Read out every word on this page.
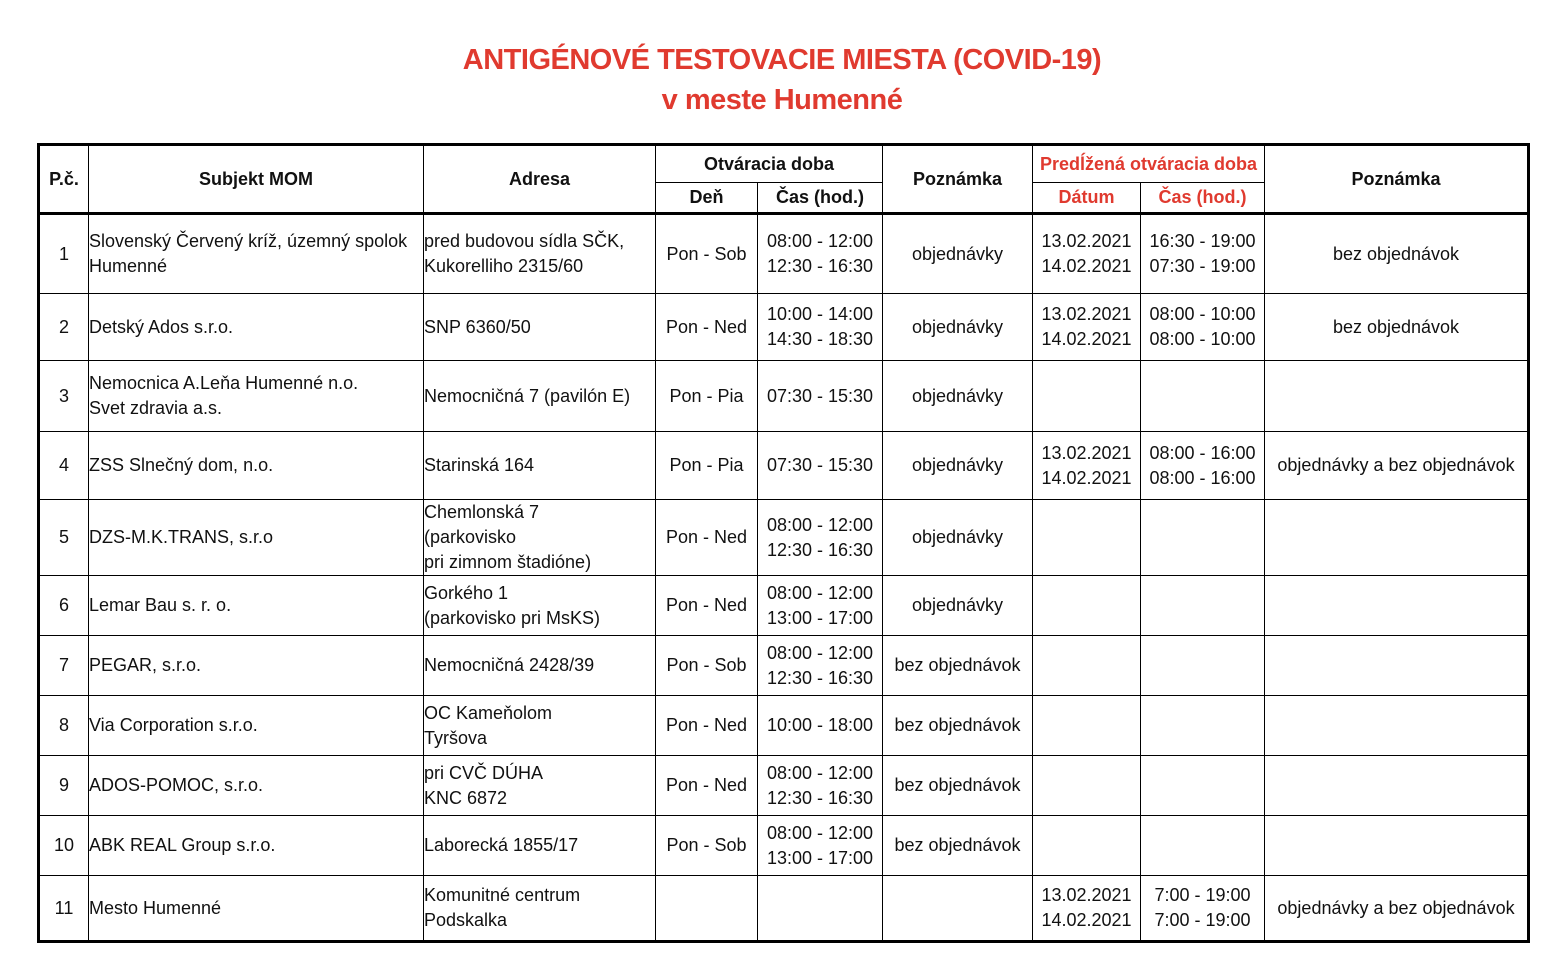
ANTIGÉNOVÉ TESTOVACIE MIESTA (COVID-19)
v meste Humenné
P.č.	Subjekt MOM	Adresa	Otváracia doba		Poznámka	Predĺžená otváracia doba		Poznámka
			Deň	Čas (hod.)		Dátum	Čas (hod.)	
1	Slovenský Červený kríž, územný spolok
Humenné	pred budovou sídla SČK,
Kukorelliho 2315/60	Pon - Sob	08:00 - 12:00
12:30 - 16:30	objednávky	13.02.2021
14.02.2021	16:30 - 19:00
07:30 - 19:00	bez objednávok
2	Detský Ados s.r.o.	SNP 6360/50	Pon - Ned	10:00 - 14:00
14:30 - 18:30	objednávky	13.02.2021
14.02.2021	08:00 - 10:00
08:00 - 10:00	bez objednávok
3	Nemocnica A.Leňa Humenné n.o.
Svet zdravia a.s.	Nemocničná 7 (pavilón E)	Pon - Pia	07:30 - 15:30	objednávky			
4	ZSS Slnečný dom, n.o.	Starinská 164	Pon - Pia	07:30 - 15:30	objednávky	13.02.2021
14.02.2021	08:00 - 16:00
08:00 - 16:00	objednávky a bez objednávok
5	DZS-M.K.TRANS, s.r.o	Chemlonská 7
(parkovisko
pri zimnom štadióne)	Pon - Ned	08:00 - 12:00
12:30 - 16:30	objednávky			
6	Lemar Bau s. r. o.	Gorkého 1
(parkovisko pri MsKS)	Pon - Ned	08:00 - 12:00
13:00 - 17:00	objednávky			
7	PEGAR, s.r.o.	Nemocničná 2428/39	Pon - Sob	08:00 - 12:00
12:30 - 16:30	bez objednávok			
8	Via Corporation s.r.o.	OC Kameňolom
Tyršova	Pon - Ned	10:00 - 18:00	bez objednávok			
9	ADOS-POMOC, s.r.o.	pri CVČ DÚHA
KNC 6872	Pon - Ned	08:00 - 12:00
12:30 - 16:30	bez objednávok			
10	ABK REAL Group s.r.o.	Laborecká 1855/17	Pon - Sob	08:00 - 12:00
13:00 - 17:00	bez objednávok			
11	Mesto Humenné	Komunitné centrum
Podskalka				13.02.2021
14.02.2021	7:00 - 19:00
7:00 - 19:00	objednávky a bez objednávok
